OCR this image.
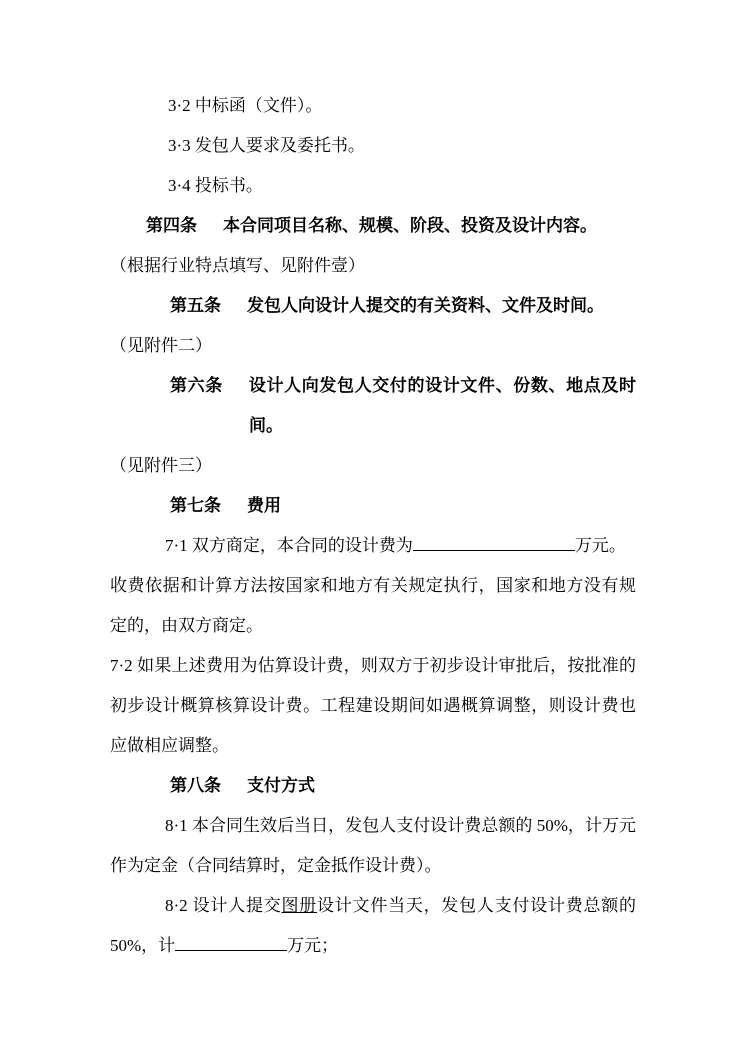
3·2 中标函（文件）。

3·3 发包人要求及委托书。

3·4 投标书。

第四条 本合同项目名称、规模、阶段、投资及设计内容。

（根据行业特点填写、见附件壹）

第五条 发包人向设计人提交的有关资料、文件及时间。

（见附件二）

第六条 设计人向发包人交付的设计文件、份数、地点及时间。

（见附件三）

第七条 费用

7·1 双方商定，本合同的设计费为	万元。

收费依据和计算方法按国家和地方有关规定执行，国家和地方没有规定的，由双方商定。

7·2 如果上述费用为估算设计费，则双方于初步设计审批后，按批准的初步设计概算核算设计费。工程建设期间如遇概算调整，则设计费也应做相应调整。

第八条 支付方式

8·1 本合同生效后当日，发包人支付设计费总额的 50%，计万元作为定金（合同结算时，定金抵作设计费）。

8·2 设计人提交图册设计文件当天，发包人支付设计费总额的 50%，计	万元；
